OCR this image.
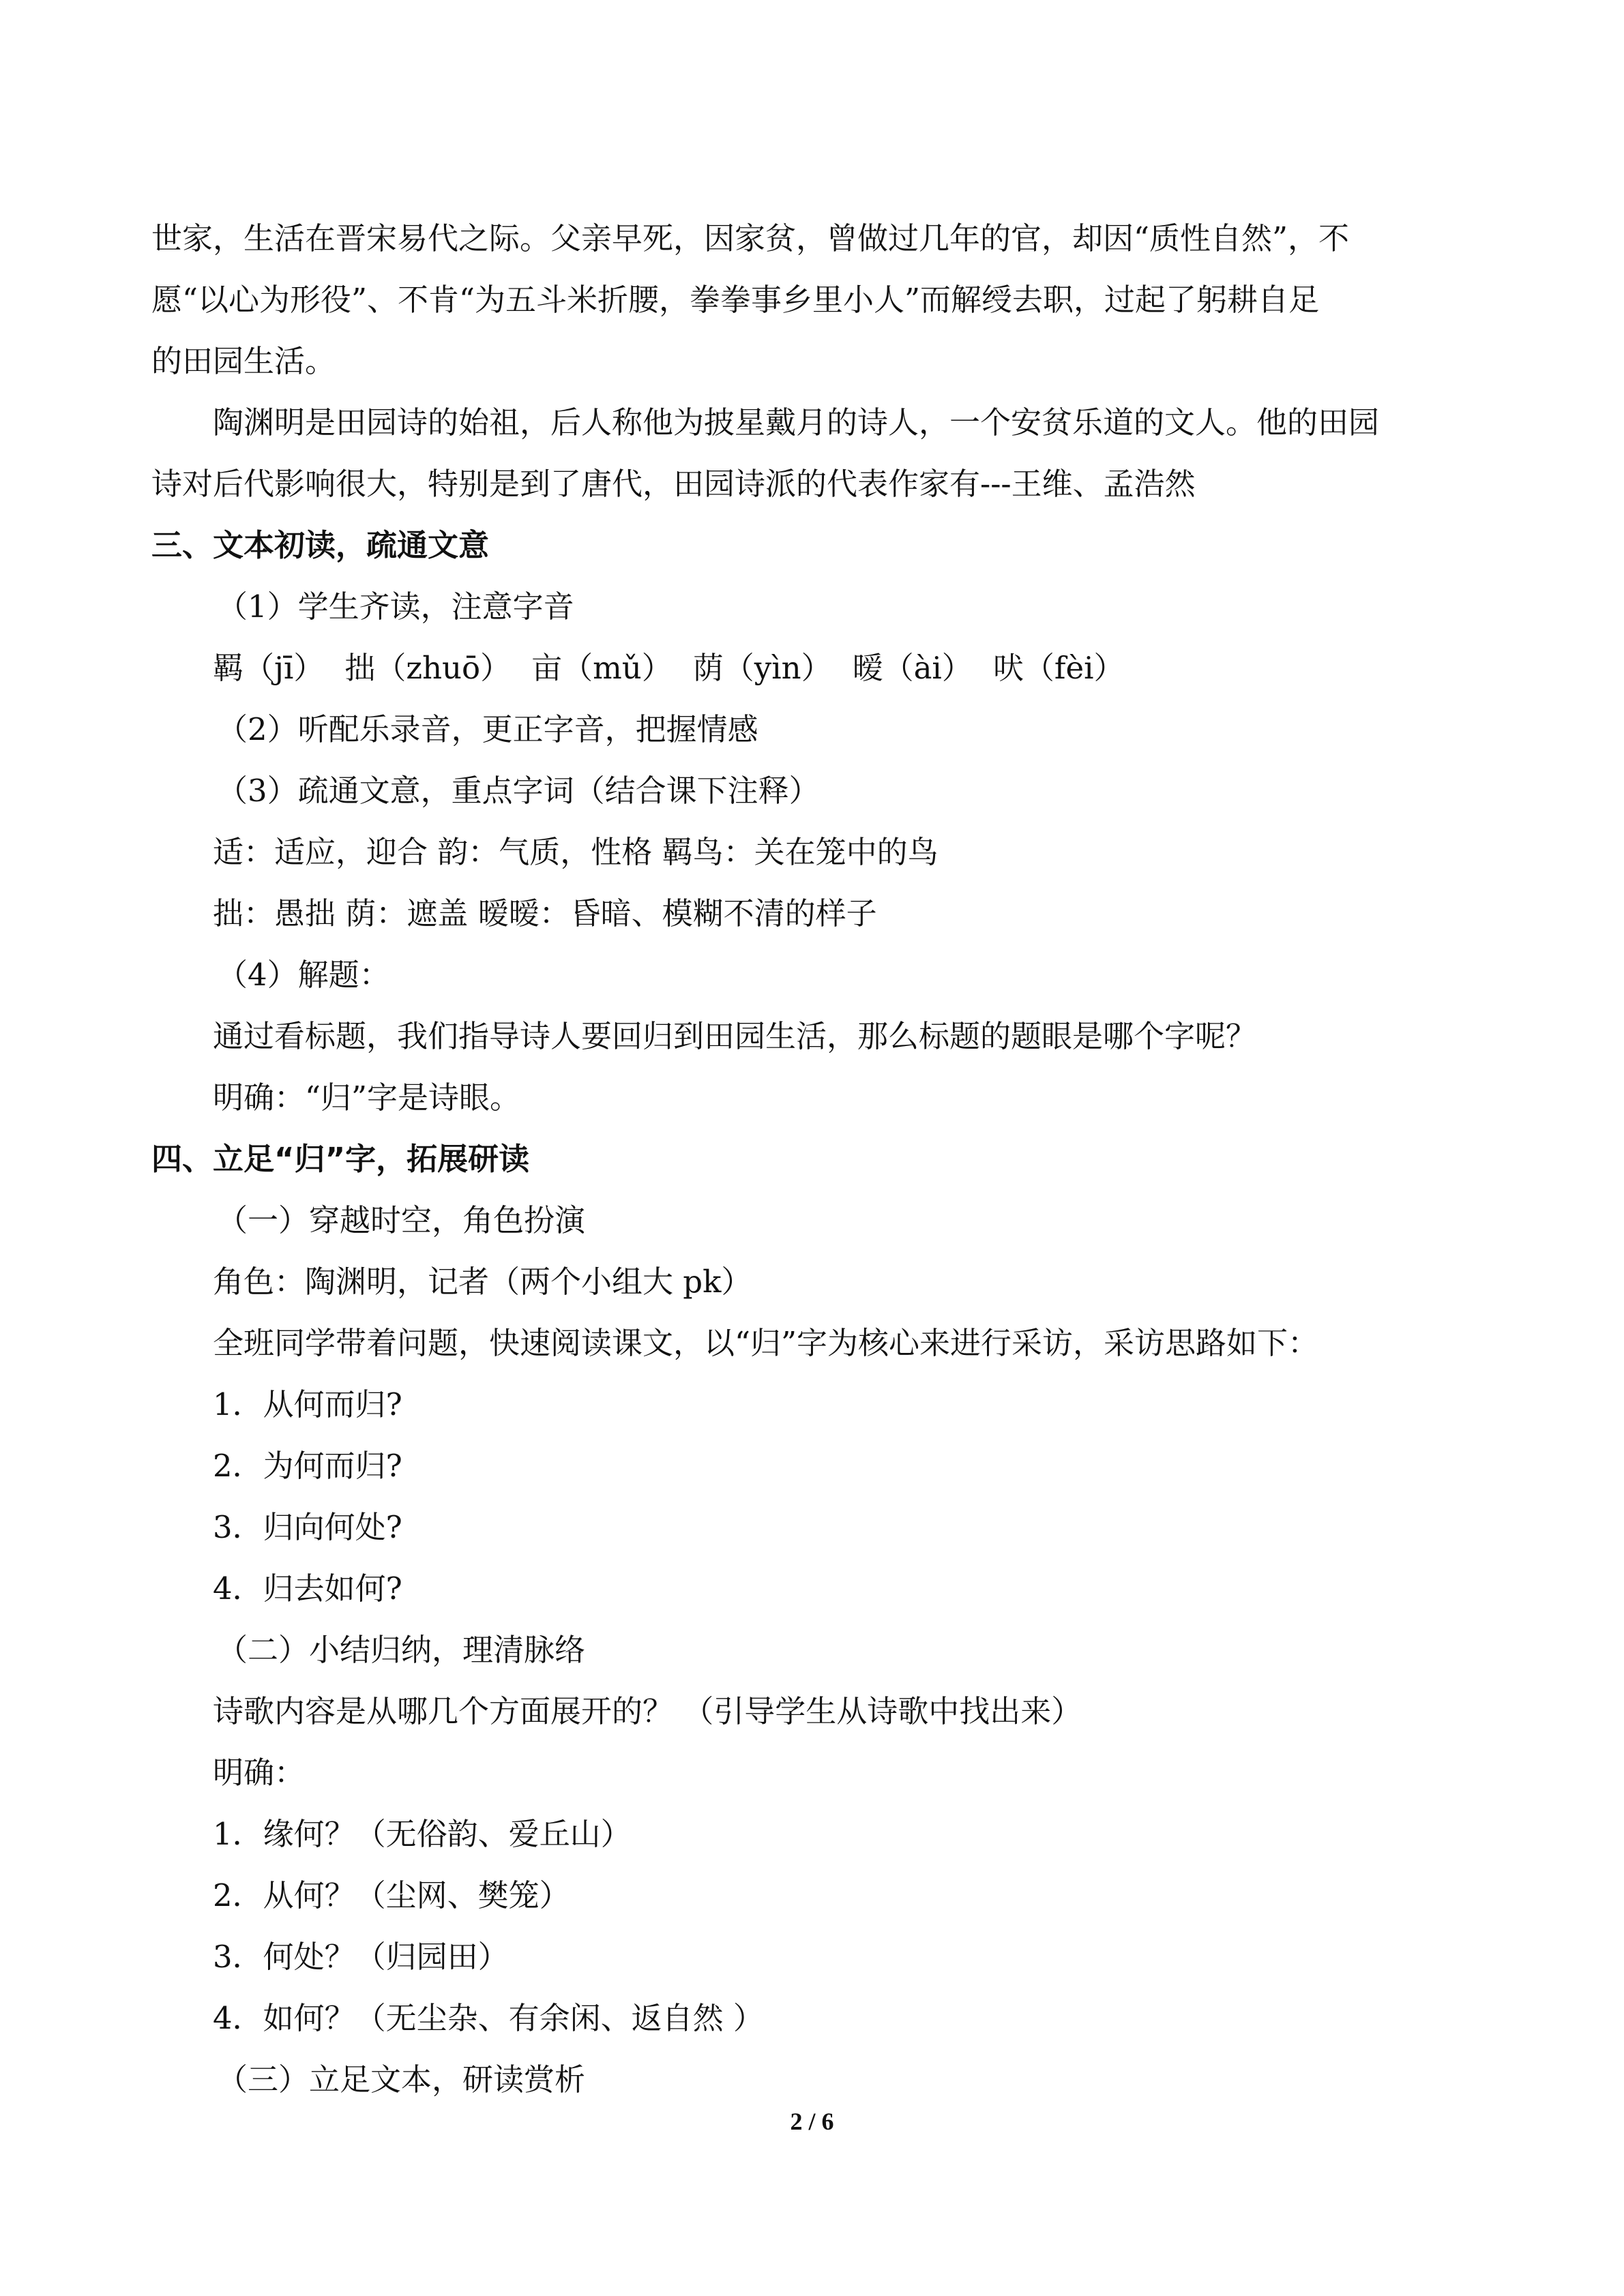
世家，生活在晋宋易代之际。父亲早死，因家贫，曾做过几年的官，却因“质性自然”，不
愿“以心为形役”、不肯“为五斗米折腰，拳拳事乡里小人”而解绶去职，过起了躬耕自足
的田园生活。
陶渊明是田园诗的始祖，后人称他为披星戴月的诗人，一个安贫乐道的文人。他的田园
诗对后代影响很大，特别是到了唐代，田园诗派的代表作家有---王维、孟浩然
三、文本初读，疏通文意
（1）学生齐读，注意字音
羁（jī） 拙（zhuō） 亩（mǔ） 荫（yìn） 暧（ài） 吠（fèi）
（2）听配乐录音，更正字音，把握情感
（3）疏通文意，重点字词（结合课下注释）
适：适应，迎合 韵：气质，性格 羁鸟：关在笼中的鸟
拙：愚拙 荫：遮盖 暧暧：昏暗、模糊不清的样子
（4）解题：
通过看标题，我们指导诗人要回归到田园生活，那么标题的题眼是哪个字呢？
明确：“归”字是诗眼。
四、立足“归”字，拓展研读
（一）穿越时空，角色扮演
角色：陶渊明，记者（两个小组大 pk）
全班同学带着问题，快速阅读课文，以“归”字为核心来进行采访，采访思路如下：
1．从何而归?
2．为何而归?
3．归向何处?
4．归去如何?
（二）小结归纳，理清脉络
诗歌内容是从哪几个方面展开的？ （引导学生从诗歌中找出来）
明确：
1．缘何？（无俗韵、爱丘山）
2．从何？（尘网、樊笼）
3．何处？（归园田）
4．如何？（无尘杂、有余闲、返自然 ）
（三）立足文本，研读赏析
2 / 6
